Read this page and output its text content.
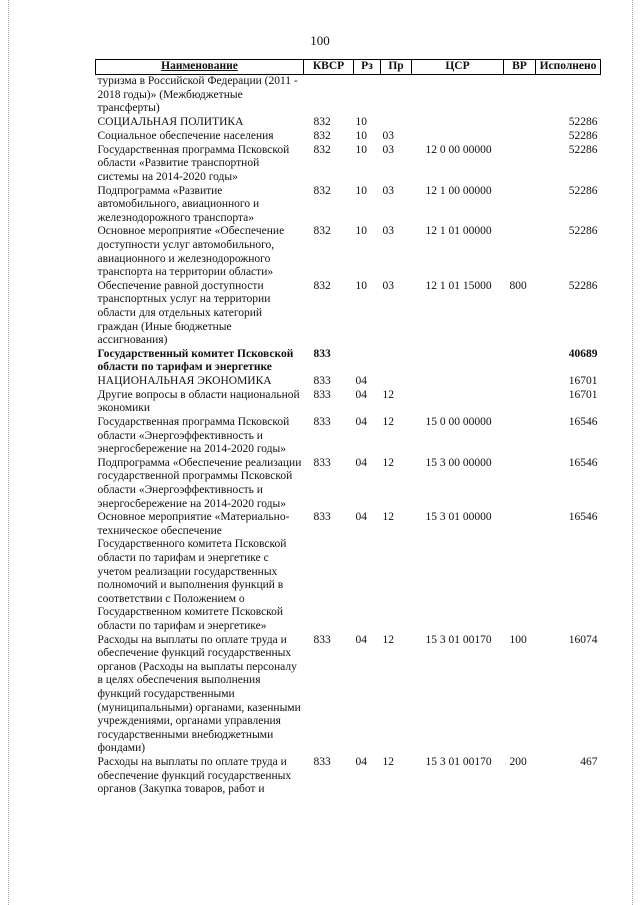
100
Наименование	КВСР	Рз	Пр	ЦСР	ВР	Исполнено
туризма в Российской Федерации (2011 - 2018 годы)» (Межбюджетные трансферты)						
СОЦИАЛЬНАЯ ПОЛИТИКА	832	10				52286
Социальное обеспечение населения	832	10	03			52286
Государственная программа Псковской области «Развитие транспортной системы на 2014-2020 годы»	832	10	03	12 0 00 00000		52286
Подпрограмма «Развитие автомобильного, авиационного и железнодорожного транспорта»	832	10	03	12 1 00 00000		52286
Основное мероприятие «Обеспечение доступности услуг автомобильного, авиационного и железнодорожного транспорта на территории области»	832	10	03	12 1 01 00000		52286
Обеспечение равной доступности транспортных услуг на территории области для отдельных категорий граждан (Иные бюджетные ассигнования)	832	10	03	12 1 01 15000	800	52286
Государственный комитет Псковской области по тарифам и энергетике	833					40689
НАЦИОНАЛЬНАЯ ЭКОНОМИКА	833	04				16701
Другие вопросы в области национальной экономики	833	04	12			16701
Государственная программа Псковской области «Энергоэффективность и энергосбережение на 2014-2020 годы»	833	04	12	15 0 00 00000		16546
Подпрограмма «Обеспечение реализации государственной программы Псковской области «Энергоэффективность и энергосбережение на 2014-2020 годы»	833	04	12	15 3 00 00000		16546
Основное мероприятие «Материально-техническое обеспечение Государственного комитета Псковской области по тарифам и энергетике с учетом реализации государственных полномочий и выполнения функций в соответствии с Положением о Государственном комитете Псковской области по тарифам и энергетике»	833	04	12	15 3 01 00000		16546
Расходы на выплаты по оплате труда и обеспечение функций государственных органов (Расходы на выплаты персоналу в целях обеспечения выполнения функций государственными (муниципальными) органами, казенными учреждениями, органами управления государственными внебюджетными фондами)	833	04	12	15 3 01 00170	100	16074
Расходы на выплаты по оплате труда и обеспечение функций государственных органов (Закупка товаров, работ и	833	04	12	15 3 01 00170	200	467
